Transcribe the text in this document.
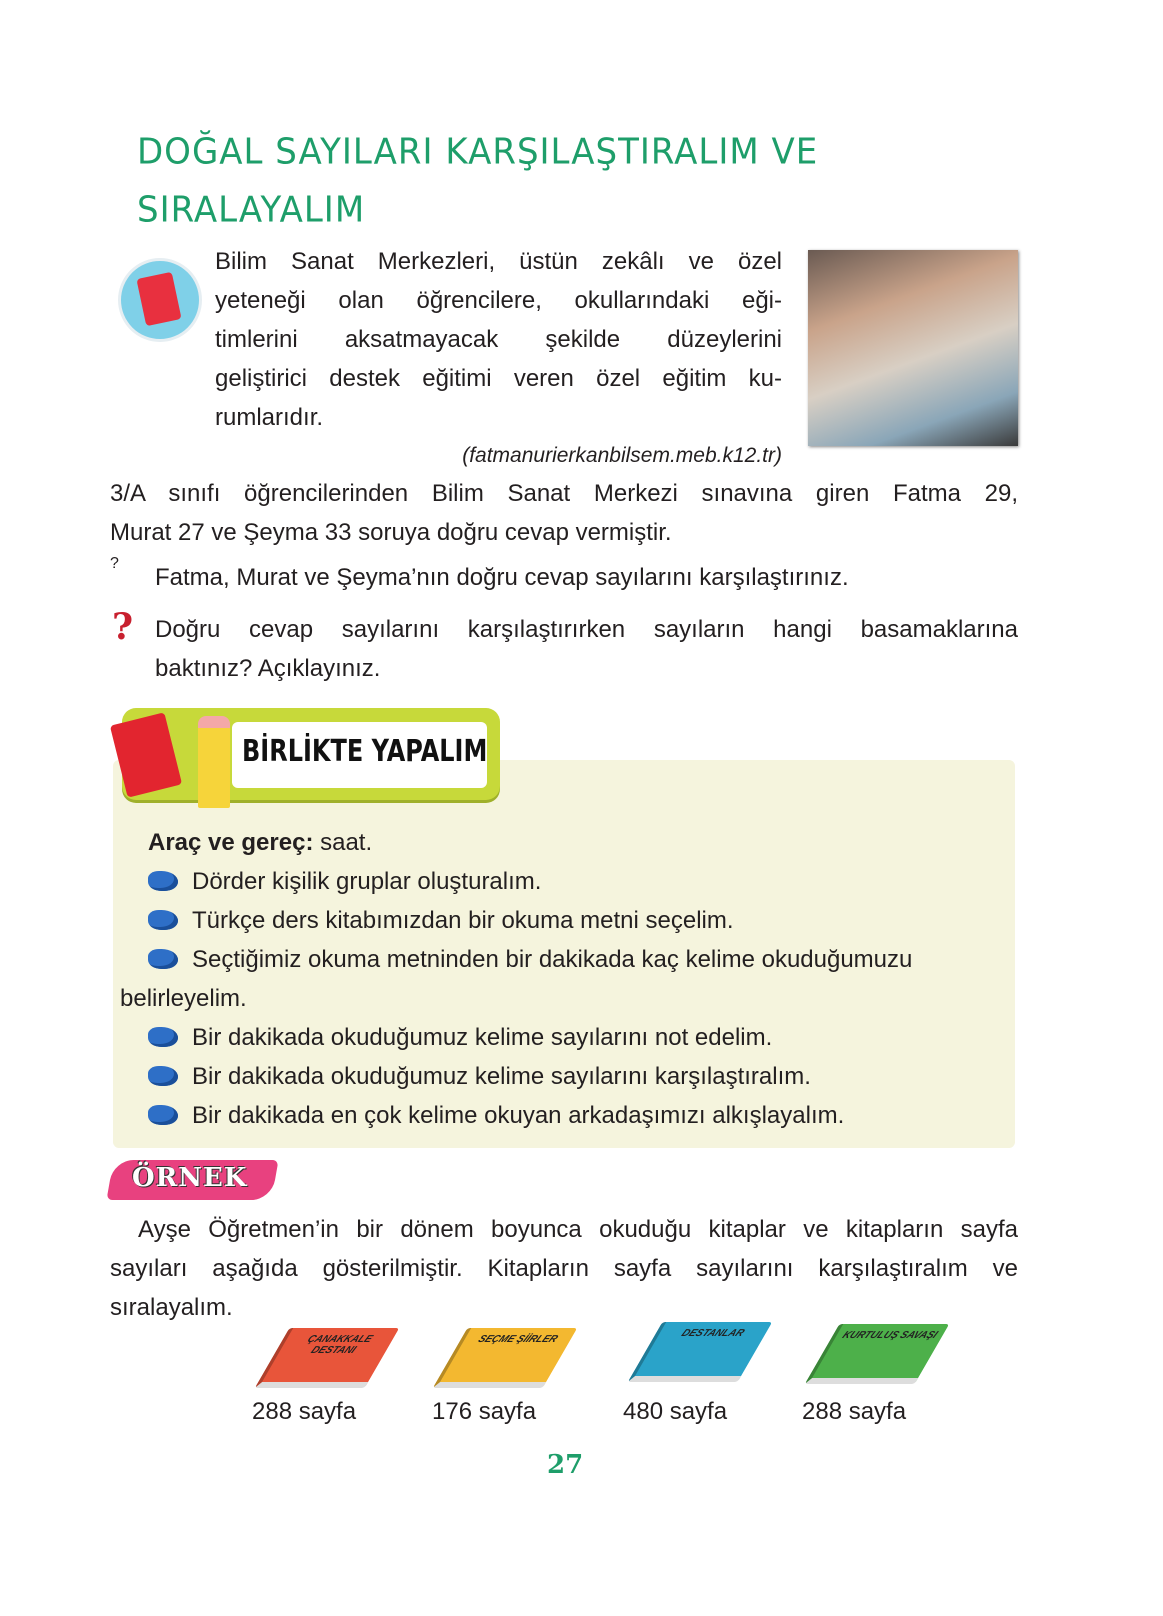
DOĞAL SAYILARI KARŞILAŞTIRALIM VE
SIRALAYALIM
Bilim Sanat Merkezleri, üstün zekâlı ve özel
yeteneği olan öğrencilere, okullarındaki eği-
timlerini aksatmayacak şekilde düzeylerini
geliştirici destek eğitimi veren özel eğitim ku-
rumlarıdır.
(fatmanurierkanbilsem.meb.k12.tr)
3/A sınıfı öğrencilerinden Bilim Sanat Merkezi sınavına giren Fatma 29,
Murat 27 ve Şeyma 33 soruya doğru cevap vermiştir.
?
Fatma, Murat ve Şeyma’nın doğru cevap sayılarını karşılaştırınız.
? Doğru cevap sayılarını karşılaştırırken sayıların hangi basamaklarına
baktınız? Açıklayınız.
BİRLİKTE YAPALIM
Araç ve gereç: saat.
Dörder kişilik gruplar oluşturalım.
Türkçe ders kitabımızdan bir okuma metni seçelim.
Seçtiğimiz okuma metninden bir dakikada kaç kelime okuduğumuzu
belirleyelim.
Bir dakikada okuduğumuz kelime sayılarını not edelim.
Bir dakikada okuduğumuz kelime sayılarını karşılaştıralım.
Bir dakikada en çok kelime okuyan arkadaşımızı alkışlayalım.
ÖRNEK
Ayşe Öğretmen’in bir dönem boyunca okuduğu kitaplar ve kitapların sayfa
sayıları aşağıda gösterilmiştir. Kitapların sayfa sayılarını karşılaştıralım ve
sıralayalım.
ÇANAKKALE DESTANI
SEÇME ŞİİRLER
DESTANLAR	KURTULUŞ SAVAŞI
288 sayfa	176 sayfa	480 sayfa	288 sayfa
27
